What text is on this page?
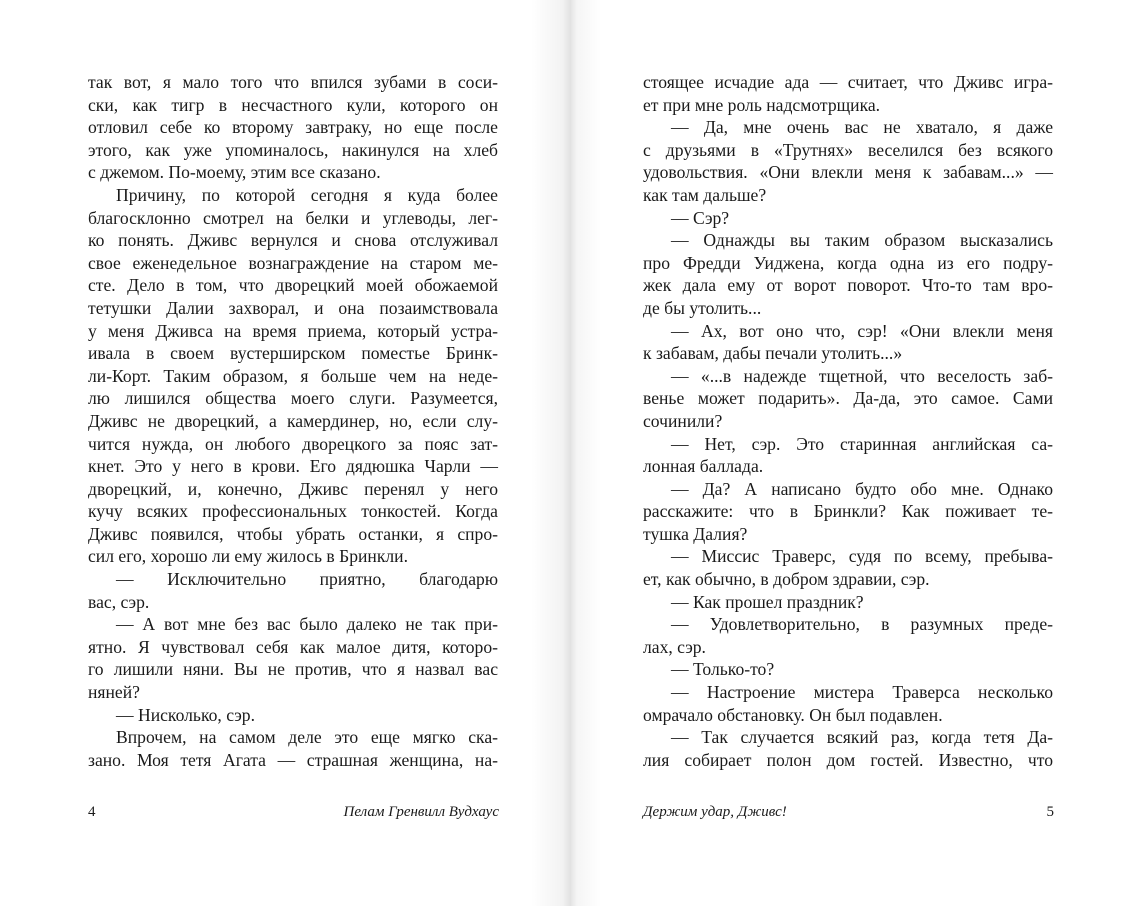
так вот, я мало того что впился зубами в соси-
ски, как тигр в несчастного кули, которого он
отловил себе ко второму завтраку, но еще после
этого, как уже упоминалось, накинулся на хлеб
с джемом. По-моему, этим все сказано.
Причину, по которой сегодня я куда более
благосклонно смотрел на белки и углеводы, лег-
ко понять. Дживс вернулся и снова отслуживал
свое еженедельное вознаграждение на старом ме-
сте. Дело в том, что дворецкий моей обожаемой
тетушки Далии захворал, и она позаимствовала
у меня Дживса на время приема, который устра-
ивала в своем вустерширском поместье Бринк-
ли-Корт. Таким образом, я больше чем на неде-
лю лишился общества моего слуги. Разумеется,
Дживс не дворецкий, а камердинер, но, если слу-
чится нужда, он любого дворецкого за пояс зат-
кнет. Это у него в крови. Его дядюшка Чарли —
дворецкий, и, конечно, Дживс перенял у него
кучу всяких профессиональных тонкостей. Когда
Дживс появился, чтобы убрать останки, я спро-
сил его, хорошо ли ему жилось в Бринкли.
— Исключительно приятно, благодарю
вас, сэр.
— А вот мне без вас было далеко не так при-
ятно. Я чувствовал себя как малое дитя, которо-
го лишили няни. Вы не против, что я назвал вас
няней?
— Нисколько, сэр.
Впрочем, на самом деле это еще мягко ска-
зано. Моя тетя Агата — страшная женщина, на-
4	Пелам Гренвилл Вудхаус
стоящее исчадие ада — считает, что Дживс игра-
ет при мне роль надсмотрщика.
— Да, мне очень вас не хватало, я даже
с друзьями в «Трутнях» веселился без всякого
удовольствия. «Они влекли меня к забавам...» —
как там дальше?
— Сэр?
— Однажды вы таким образом высказались
про Фредди Уиджена, когда одна из его подру-
жек дала ему от ворот поворот. Что-то там вро-
де бы утолить...
— Ах, вот оно что, сэр! «Они влекли меня
к забавам, дабы печали утолить...»
— «...в надежде тщетной, что веселость заб-
венье может подарить». Да-да, это самое. Сами
сочинили?
— Нет, сэр. Это старинная английская са-
лонная баллада.
— Да? А написано будто обо мне. Однако
расскажите: что в Бринкли? Как поживает те-
тушка Далия?
— Миссис Траверс, судя по всему, пребыва-
ет, как обычно, в добром здравии, сэр.
— Как прошел праздник?
— Удовлетворительно, в разумных преде-
лах, сэр.
— Только-то?
— Настроение мистера Траверса несколько
омрачало обстановку. Он был подавлен.
— Так случается всякий раз, когда тетя Да-
лия собирает полон дом гостей. Известно, что
Держим удар, Дживс!	5
